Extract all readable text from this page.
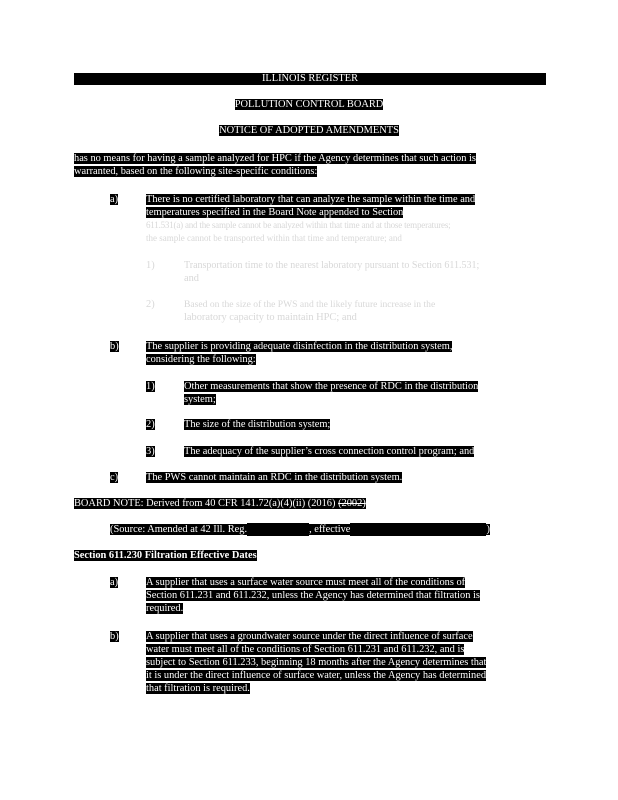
ILLINOIS REGISTER
POLLUTION CONTROL BOARD
NOTICE OF ADOPTED AMENDMENTS
has no means for having a sample analyzed for HPC if the Agency determines that such action is
warranted, based on the following site-specific conditions:
a)	There is no certified laboratory that can analyze the sample within the time and
temperatures specified in the Board Note appended to Section
611.531(a) and the sample cannot be analyzed within that time and at those temperatures;
the sample cannot be transported within that time and temperature; and
1)	Transportation time to the nearest laboratory pursuant to Section 611.531;
and
2)	Based on the size of the PWS and the likely future increase in the
laboratory capacity to maintain HPC; and
b)	The supplier is providing adequate disinfection in the distribution system,
considering the following:
1)	Other measurements that show the presence of RDC in the distribution
system;
2)	The size of the distribution system;
3)	The adequacy of the supplier’s cross connection control program; and
c)	The PWS cannot maintain an RDC in the distribution system.
BOARD NOTE: Derived from 40 CFR 141.72(a)(4)(ii) (2016) (2002)
(Source: Amended at 42 Ill. Reg.	, effective	)
Section 611.230 Filtration Effective Dates
a)	A supplier that uses a surface water source must meet all of the conditions of
Section 611.231 and 611.232, unless the Agency has determined that filtration is
required.
b)	A supplier that uses a groundwater source under the direct influence of surface
water must meet all of the conditions of Section 611.231 and 611.232, and is
subject to Section 611.233, beginning 18 months after the Agency determines that
it is under the direct influence of surface water, unless the Agency has determined
that filtration is required.
